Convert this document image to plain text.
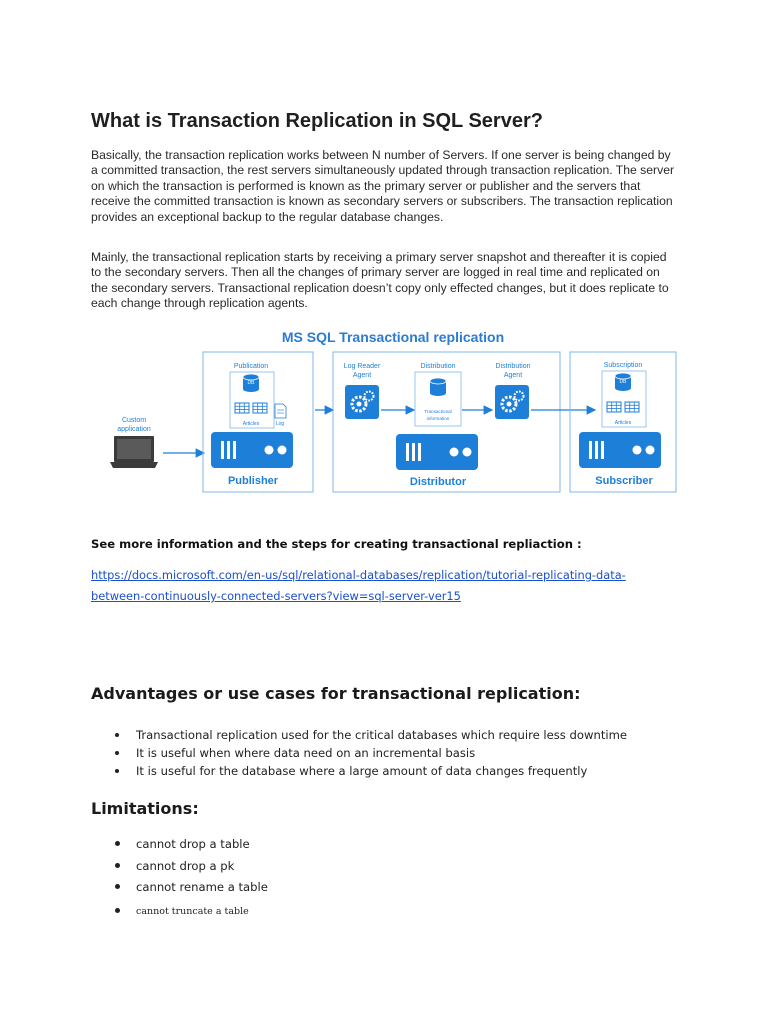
What is Transaction Replication in SQL Server?

Basically, the transaction replication works between N number of Servers. If one server is being changed by a committed transaction, the rest servers simultaneously updated through transaction replication. The server on which the transaction is performed is known as the primary server or publisher and the servers that receive the committed transaction is known as secondary servers or subscribers. The transaction replication provides an exceptional backup to the regular database changes.

Mainly, the transactional replication starts by receiving a primary server snapshot and thereafter it is copied to the secondary servers. Then all the changes of primary server are logged in real time and replicated on the secondary servers. Transactional replication doesn’t copy only effected changes, but it does replicate to each change through replication agents.

MS SQL Transactional replication
Custom
application
Publication
DB
Articles	Log
Publisher
Log Reader
Agent
Distribution
Transactional
information
Distribution
Agent
Distributor
Subscription
DB
Articles
Subscriber

See more information and the steps for creating transactional repliaction :

https://docs.microsoft.com/en-us/sql/relational-databases/replication/tutorial-replicating-data-
between-continuously-connected-servers?view=sql-server-ver15

Advantages or use cases for transactional replication:
Transactional replication used for the critical databases which require less downtime
It is useful when where data need on an incremental basis
It is useful for the database where a large amount of data changes frequently
Limitations:
cannot drop a table
cannot drop a pk
cannot rename a table
cannot truncate a table
